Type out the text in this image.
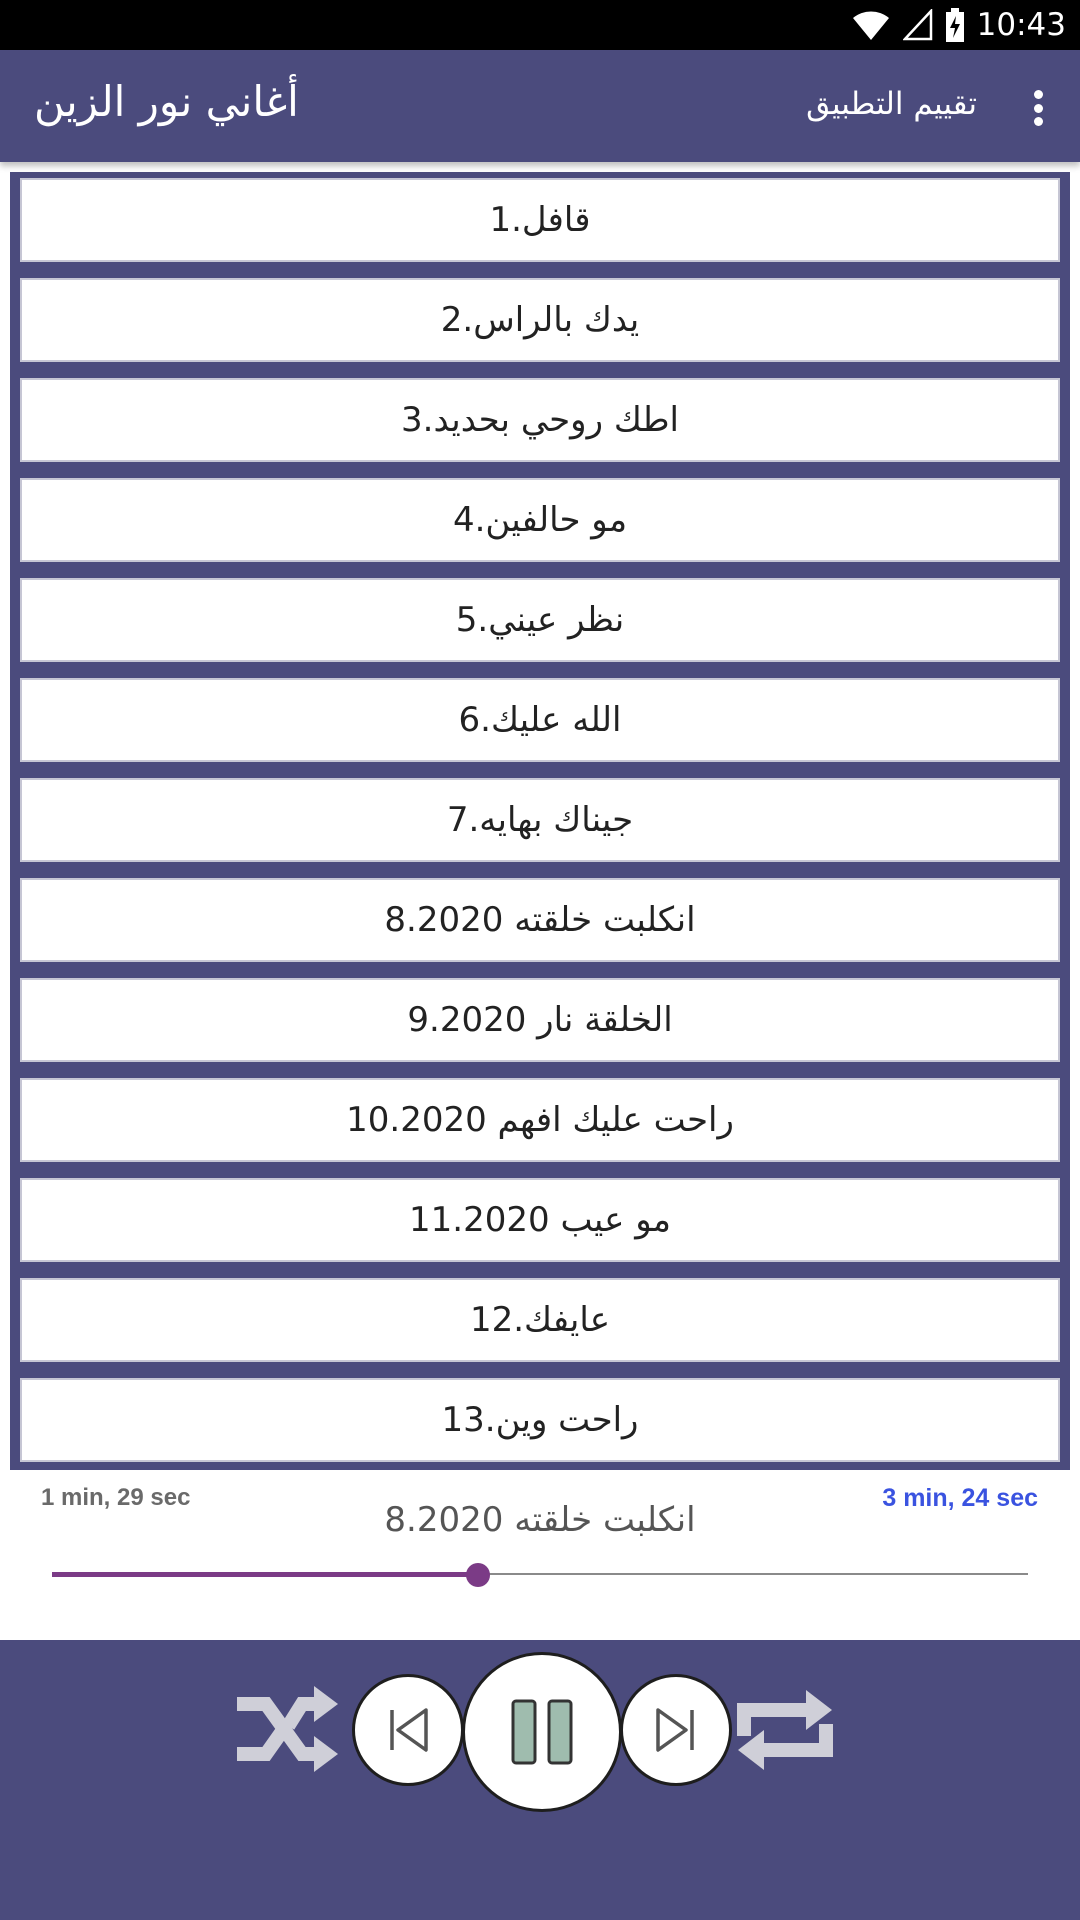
10:43
أغاني نور الزين	تقييم التطبيق
1.قافل
2.يدك بالراس
3.اطك روحي بحديد
4.مو حالفين
5.نظر عيني
6.الله عليك
7.جيناك بهايه
8.انكلبت خلقته 2020
9.الخلقة نار 2020
10.راحت عليك افهم 2020
11.مو عيب 2020
12.عايفك
13.راحت وين
1 min, 29 sec	3 min, 24 sec
8.انكلبت خلقته 2020
